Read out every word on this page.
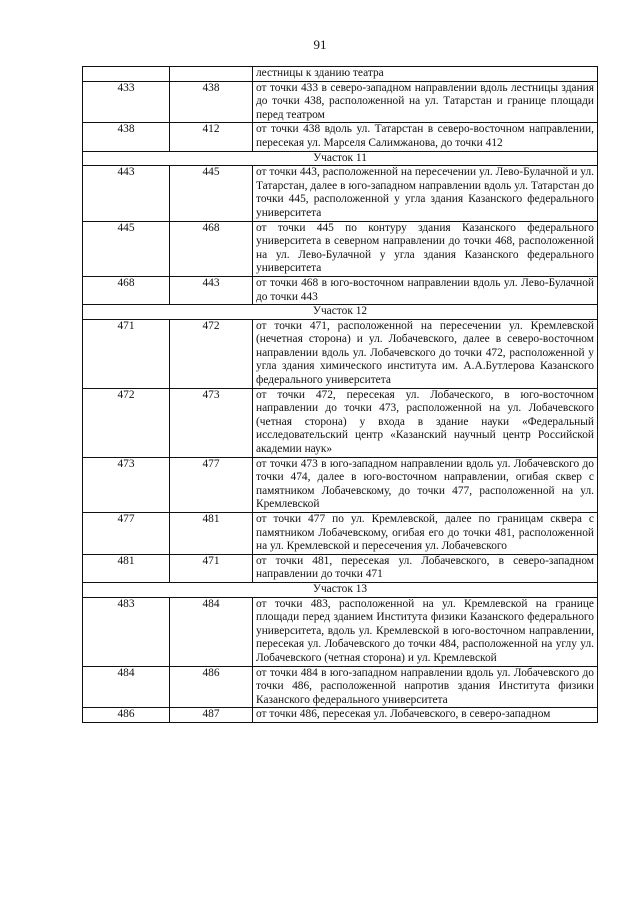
91
		лестницы к зданию театра
433	438	от точки 433 в северо-западном направлении вдоль лестницы здания до точки 438, расположенной на ул. Татарстан и границе площади перед театром
438	412	от точки 438 вдоль ул. Татарстан в северо-восточном направлении, пересекая ул. Марселя Салимжанова, до точки 412
Участок 11		
443	445	от точки 443, расположенной на пересечении ул. Лево-Булачной и ул. Татарстан, далее в юго-западном направлении вдоль ул. Татарстан до точки 445, расположенной у угла здания Казанского федерального университета
445	468	от точки 445 по контуру здания Казанского федерального университета в северном направлении до точки 468, расположенной на ул. Лево-Булачной у угла здания Казанского федерального университета
468	443	от точки 468 в юго-восточном направлении вдоль ул. Лево-Булачной до точки 443
Участок 12		
471	472	от точки 471, расположенной на пересечении ул. Кремлевской (нечетная сторона) и ул. Лобачевского, далее в северо-восточном направлении вдоль ул. Лобачевского до точки 472, расположенной у угла здания химического института им. А.А.Бутлерова Казанского федерального университета
472	473	от точки 472, пересекая ул. Лобаческого, в юго-восточном направлении до точки 473, расположенной на ул. Лобачевского (четная сторона) у входа в здание науки «Федеральный исследовательский центр «Казанский научный центр Российской академии наук»
473	477	от точки 473 в юго-западном направлении вдоль ул. Лобачевского до точки 474, далее в юго-восточном направлении, огибая сквер с памятником Лобачевскому, до точки 477, расположенной на ул. Кремлевской
477	481	от точки 477 по ул. Кремлевской, далее по границам сквера с памятником Лобачевскому, огибая его до точки 481, расположенной на ул. Кремлевской и пересечения ул. Лобачевского
481	471	от точки 481, пересекая ул. Лобачевского, в северо-западном направлении до точки 471
Участок 13		
483	484	от точки 483, расположенной на ул. Кремлевской на границе площади перед зданием Института физики Казанского федерального университета, вдоль ул. Кремлевской в юго-восточном направлении, пересекая ул. Лобачевского до точки 484, расположенной на углу ул. Лобачевского (четная сторона) и ул. Кремлевской
484	486	от точки 484 в юго-западном направлении вдоль ул. Лобачевского до точки 486, расположенной напротив здания Института физики Казанского федерального университета
486	487	от точки 486, пересекая ул. Лобачевского, в северо-западном
